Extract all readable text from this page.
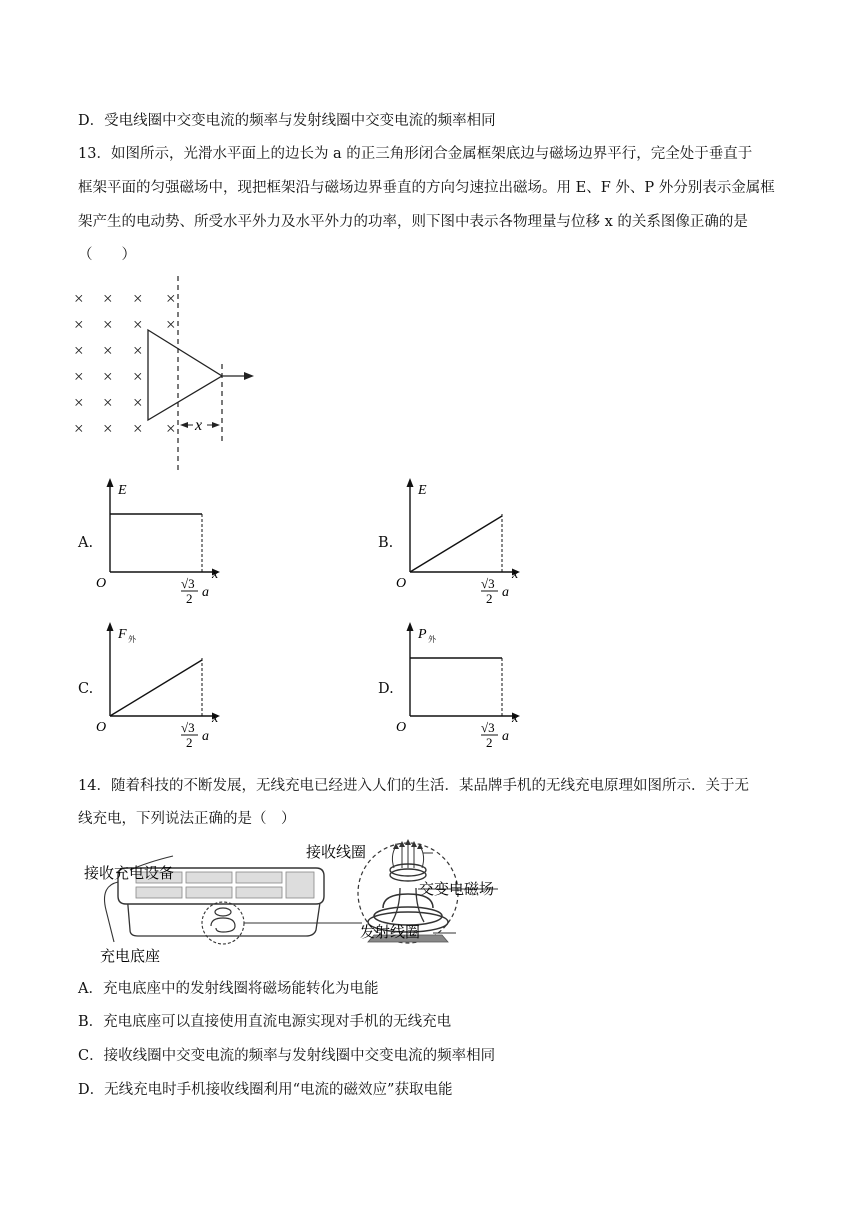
D．受电线圈中交变电流的频率与发射线圈中交变电流的频率相同
13．如图所示，光滑水平面上的边长为 a 的正三角形闭合金属框架底边与磁场边界平行，完全处于垂直于
框架平面的匀强磁场中，现把框架沿与磁场边界垂直的方向匀速拉出磁场。用 E、F 外、P 外分别表示金属框
架产生的电动势、所受水平外力及水平外力的功率，则下图中表示各物理量与位移 x 的关系图像正确的是
（　　）
× × × ×
× × × ×
× × ×
× × ×
× × ×
× × × × x
A.	B.
C.	D.
E
O
x
√3
2 a
E
O
x
√3
2 a
F 外
O
x
√3
2 a
P 外
O
x
√3
2 a
14．随着科技的不断发展，无线充电已经进入人们的生活．某品牌手机的无线充电原理如图所示．关于无
线充电，下列说法正确的是（　）
接收充电设备
充电底座
接收线圈
交变电磁场
发射线圈
A．充电底座中的发射线圈将磁场能转化为电能
B．充电底座可以直接使用直流电源实现对手机的无线充电
C．接收线圈中交变电流的频率与发射线圈中交变电流的频率相同
D．无线充电时手机接收线圈利用“电流的磁效应”获取电能
